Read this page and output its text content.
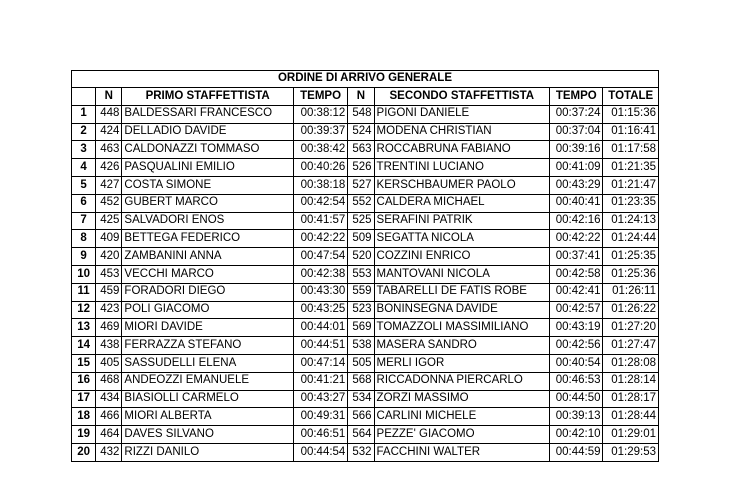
ORDINE DI ARRIVO GENERALE							
	N	PRIMO STAFFETTISTA	TEMPO	N	SECONDO STAFFETTISTA	TEMPO	TOTALE
1	448	BALDESSARI FRANCESCO	00:38:12	548	PIGONI DANIELE	00:37:24	01:15:36
2	424	DELLADIO DAVIDE	00:39:37	524	MODENA CHRISTIAN	00:37:04	01:16:41
3	463	CALDONAZZI TOMMASO	00:38:42	563	ROCCABRUNA FABIANO	00:39:16	01:17:58
4	426	PASQUALINI EMILIO	00:40:26	526	TRENTINI LUCIANO	00:41:09	01:21:35
5	427	COSTA SIMONE	00:38:18	527	KERSCHBAUMER PAOLO	00:43:29	01:21:47
6	452	GUBERT MARCO	00:42:54	552	CALDERA MICHAEL	00:40:41	01:23:35
7	425	SALVADORI ENOS	00:41:57	525	SERAFINI PATRIK	00:42:16	01:24:13
8	409	BETTEGA FEDERICO	00:42:22	509	SEGATTA NICOLA	00:42:22	01:24:44
9	420	ZAMBANINI ANNA	00:47:54	520	COZZINI ENRICO	00:37:41	01:25:35
10	453	VECCHI MARCO	00:42:38	553	MANTOVANI NICOLA	00:42:58	01:25:36
11	459	FORADORI DIEGO	00:43:30	559	TABARELLI DE FATIS ROBE	00:42:41	01:26:11
12	423	POLI GIACOMO	00:43:25	523	BONINSEGNA DAVIDE	00:42:57	01:26:22
13	469	MIORI DAVIDE	00:44:01	569	TOMAZZOLI MASSIMILIANO	00:43:19	01:27:20
14	438	FERRAZZA STEFANO	00:44:51	538	MASERA SANDRO	00:42:56	01:27:47
15	405	SASSUDELLI ELENA	00:47:14	505	MERLI IGOR	00:40:54	01:28:08
16	468	ANDEOZZI EMANUELE	00:41:21	568	RICCADONNA PIERCARLO	00:46:53	01:28:14
17	434	BIASIOLLI CARMELO	00:43:27	534	ZORZI MASSIMO	00:44:50	01:28:17
18	466	MIORI ALBERTA	00:49:31	566	CARLINI MICHELE	00:39:13	01:28:44
19	464	DAVES SILVANO	00:46:51	564	PEZZE' GIACOMO	00:42:10	01:29:01
20	432	RIZZI DANILO	00:44:54	532	FACCHINI WALTER	00:44:59	01:29:53
